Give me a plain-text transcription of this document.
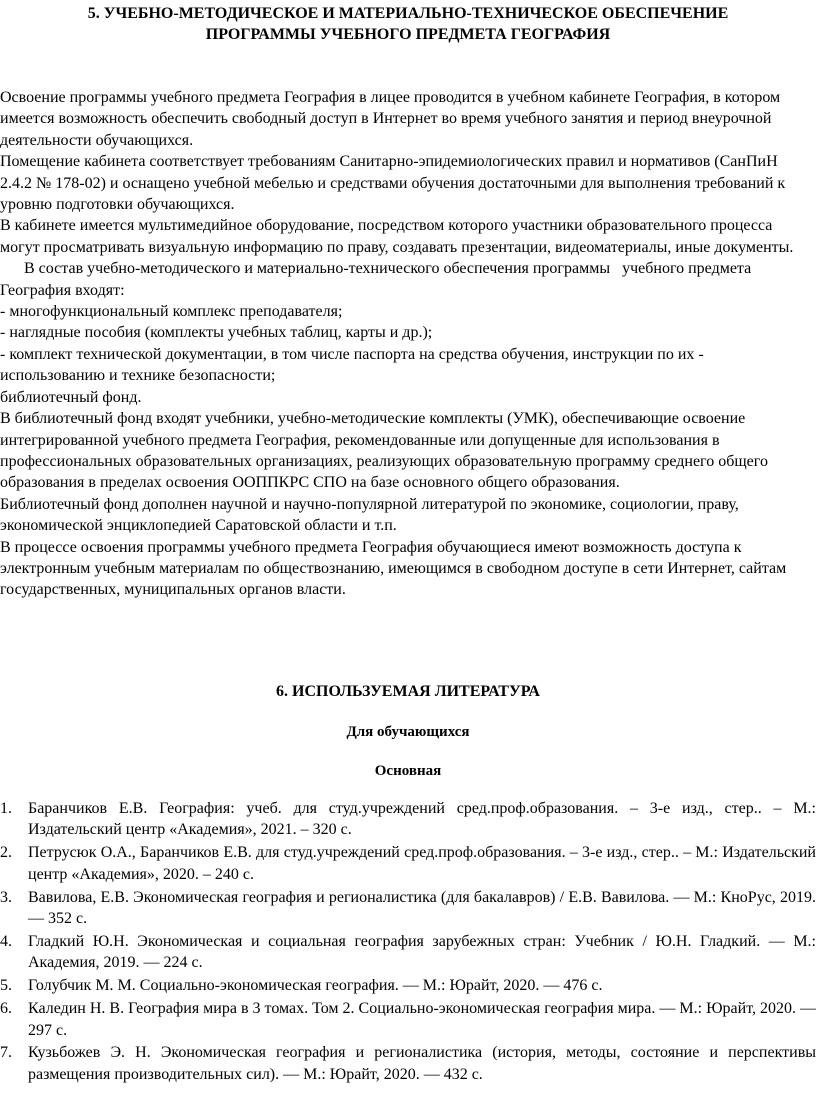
5. УЧЕБНО-МЕТОДИЧЕСКОЕ И МАТЕРИАЛЬНО-ТЕХНИЧЕСКОЕ ОБЕСПЕЧЕНИЕ
ПРОГРАММЫ УЧЕБНОГО ПРЕДМЕТА ГЕОГРАФИЯ

Освоение программы учебного предмета География в лицее проводится в учебном кабинете География, в котором имеется возможность обеспечить свободный доступ в Интернет во время учебного занятия и период внеурочной деятельности обучающихся.

Помещение кабинета соответствует требованиям Санитарно-эпидемиологических правил и нормативов (СанПиН 2.4.2 № 178-02) и оснащено учебной мебелью и средствами обучения достаточными для выполнения требований к уровню подготовки обучающихся.

В кабинете имеется мультимедийное оборудование, посредством которого участники образовательного процесса могут просматривать визуальную информацию по праву, создавать презентации, видеоматериалы, иные документы.

В состав учебно-методического и материально-технического обеспечения программы   учебного предмета География входят:

- многофункциональный комплекс преподавателя;

- наглядные пособия (комплекты учебных таблиц, карты и др.);

- комплект технической документации, в том числе паспорта на средства обучения, инструкции по их - использованию и технике безопасности;

библиотечный фонд.

В библиотечный фонд входят учебники, учебно-методические комплекты (УМК), обеспечивающие освоение интегрированной учебного предмета География, рекомендованные или допущенные для использования в профессиональных образовательных организациях, реализующих образовательную программу среднего общего образования в пределах освоения ООППКРС СПО на базе основного общего образования.

Библиотечный фонд дополнен научной и научно-популярной литературой по экономике, социологии, праву, экономической энциклопедией Саратовской области и т.п.

В процессе освоения программы учебного предмета География обучающиеся имеют возможность доступа к электронным учебным материалам по обществознанию, имеющимся в свободном доступе в сети Интернет, сайтам государственных, муниципальных органов власти.

6. ИСПОЛЬЗУЕМАЯ ЛИТЕРАТУРА
Для обучающихся
Основная
1. Баранчиков Е.В. География: учеб. для студ.учреждений сред.проф.образования. – 3-е изд., стер.. – М.: Издательский центр «Академия», 2021. – 320 с.
2. Петрусюк О.А., Баранчиков Е.В. для студ.учреждений сред.проф.образования. – 3-е изд., стер.. – М.: Издательский центр «Академия», 2020. – 240 с.
3. Вавилова, Е.В. Экономическая география и регионалистика (для бакалавров) / Е.В. Вавилова. — М.: КноРус, 2019. — 352 c.
4. Гладкий Ю.Н. Экономическая и социальная география зарубежных стран: Учебник / Ю.Н. Гладкий. — М.: Академия, 2019. — 224 c.
5. Голубчик М. М. Социально-экономическая география. — М.: Юрайт, 2020. — 476 с.
6. Каледин Н. В. География мира в 3 томах. Том 2. Социально-экономическая география мира. — М.: Юрайт, 2020. — 297 с.
7. Кузьбожев Э. Н. Экономическая география и регионалистика (история, методы, состояние и перспективы размещения производительных сил). — М.: Юрайт, 2020. — 432 с.
